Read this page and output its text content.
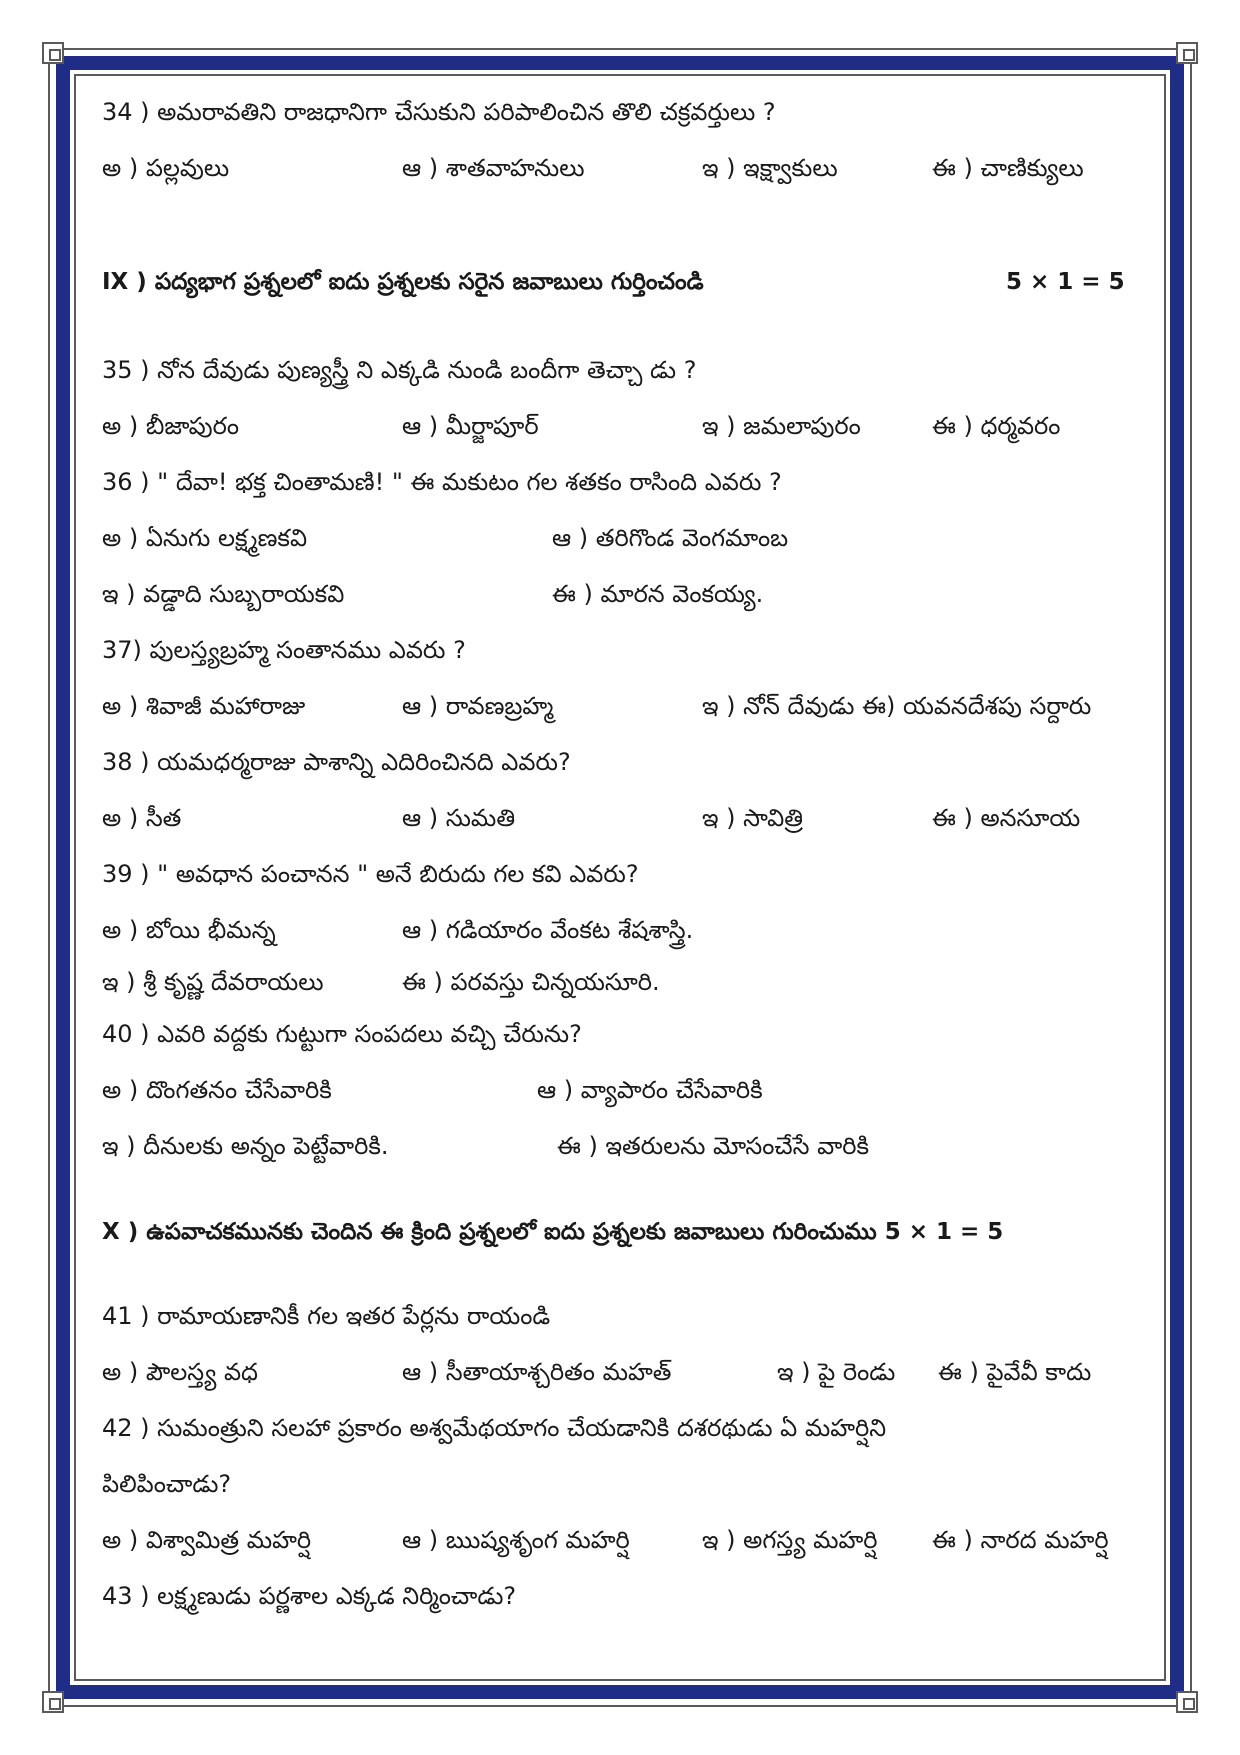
34 ) అమరావతిని రాజధానిగా చేసుకుని పరిపాలించిన తొలి చక్రవర్తులు ?
అ ) పల్లవులు	ఆ ) శాతవాహనులు	ఇ ) ఇక్ష్వాకులు	ఈ ) చాణిక్యులు
IX ) పద్యభాగ ప్రశ్నలలో ఐదు ప్రశ్నలకు సరైన జవాబులు గుర్తించండి	5 × 1 = 5
35 ) నోన దేవుడు పుణ్యస్త్రీ ని ఎక్కడి నుండి బందీగా తెచ్చా డు ?
అ ) బీజాపురం	ఆ ) మీర్జాపూర్	ఇ ) జమలాపురం	ఈ ) ధర్మవరం
36 ) " దేవా! భక్త చింతామణి! " ఈ మకుటం గల శతకం రాసింది ఎవరు ?
అ ) ఏనుగు లక్ష్మణకవి	ఆ ) తరిగొండ వెంగమాంబ
ఇ ) వడ్డాది సుబ్బరాయకవి	ఈ ) మారన వెంకయ్య.
37) పులస్త్యబ్రహ్మ సంతానము ఎవరు ?
అ ) శివాజీ మహారాజు	ఆ ) రావణబ్రహ్మ	ఇ ) నోన్ దేవుడు ఈ) యవనదేశపు సర్దారు
38 ) యమధర్మరాజు పాశాన్ని ఎదిరించినది ఎవరు?
అ ) సీత	ఆ ) సుమతి	ఇ ) సావిత్రి	ఈ ) అనసూయ
39 ) " అవధాన పంచానన " అనే బిరుదు గల కవి ఎవరు?
అ ) బోయి భీమన్న	ఆ ) గడియారం వేంకట శేషశాస్త్రి.
ఇ ) శ్రీ కృష్ణ దేవరాయలు	ఈ ) పరవస్తు చిన్నయసూరి.
40 ) ఎవరి వద్దకు గుట్టుగా సంపదలు వచ్చి చేరును?
అ ) దొంగతనం చేసేవారికి	ఆ ) వ్యాపారం చేసేవారికి
ఇ ) దీనులకు అన్నం పెట్టేవారికి.	ఈ ) ఇతరులను మోసంచేసే వారికి
X ) ఉపవాచకమునకు చెందిన ఈ క్రింది ప్రశ్నలలో ఐదు ప్రశ్నలకు జవాబులు గురించుము 5 × 1 = 5
41 ) రామాయణానికీ గల ఇతర పేర్లను రాయండి
అ ) పౌలస్త్య వధ	ఆ ) సీతాయాశ్చరితం మహత్	ఇ ) పై రెండు ఈ ) పైవేవీ కాదు
42 ) సుమంత్రుని సలహా ప్రకారం అశ్వమేథయాగం చేయడానికి దశరథుడు ఏ మహర్షిని
పిలిపించాడు?
అ ) విశ్వామిత్ర మహర్షి	ఆ ) ఋష్యశృంగ మహర్షి	ఇ ) అగస్త్య మహర్షి ఈ ) నారద మహర్షి
43 ) లక్ష్మణుడు పర్ణశాల ఎక్కడ నిర్మించాడు?
